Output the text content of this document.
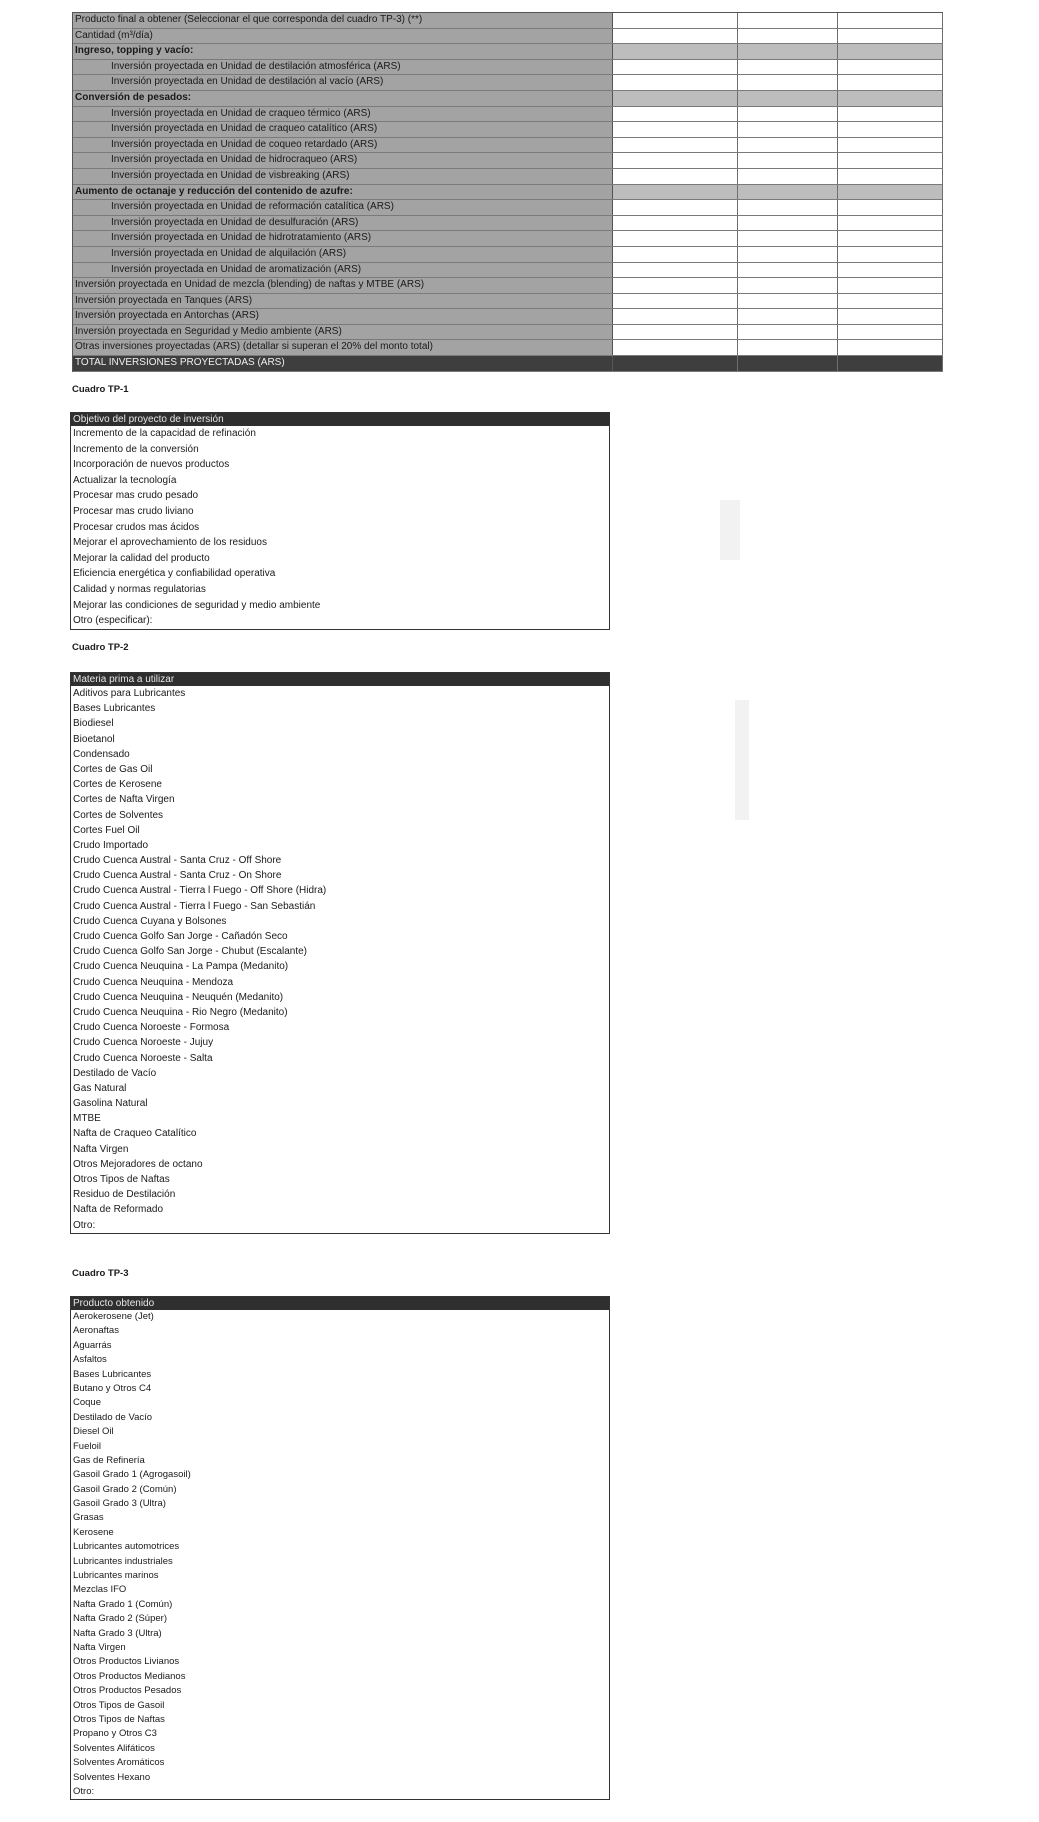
Producto final a obtener (Seleccionar el que corresponda del cuadro TP-3) (**)
Cantidad (m³/día)
Ingreso, topping y vacío:
Inversión proyectada en Unidad de destilación atmosférica (ARS)
Inversión proyectada en Unidad de destilación al vacío (ARS)
Conversión de pesados:
Inversión proyectada en Unidad de craqueo térmico (ARS)
Inversión proyectada en Unidad de craqueo catalítico (ARS)
Inversión proyectada en Unidad de coqueo retardado (ARS)
Inversión proyectada en Unidad de hidrocraqueo (ARS)
Inversión proyectada en Unidad de visbreaking (ARS)
Aumento de octanaje y reducción del contenido de azufre:
Inversión proyectada en Unidad de reformación catalítica (ARS)
Inversión proyectada en Unidad de desulfuración (ARS)
Inversión proyectada en Unidad de hidrotratamiento (ARS)
Inversión proyectada en Unidad de alquilación (ARS)
Inversión proyectada en Unidad de aromatización (ARS)
Inversión proyectada en Unidad de mezcla (blending) de naftas y MTBE (ARS)
Inversión proyectada en Tanques (ARS)
Inversión proyectada en Antorchas (ARS)
Inversión proyectada en Seguridad y Medio ambiente (ARS)
Otras inversiones proyectadas (ARS) (detallar si superan el 20% del monto total)
TOTAL INVERSIONES PROYECTADAS (ARS)
Cuadro TP-1
Objetivo del proyecto de inversión
Incremento de la capacidad de refinación
Incremento de la conversión
Incorporación de nuevos productos
Actualizar la tecnología
Procesar mas crudo pesado
Procesar mas crudo liviano
Procesar crudos mas ácidos
Mejorar el aprovechamiento de los residuos
Mejorar la calidad del producto
Eficiencia energética y confiabilidad operativa
Calidad y normas regulatorias
Mejorar las condiciones de seguridad y medio ambiente
Otro (especificar):
Cuadro TP-2
Materia prima a utilizar
Aditivos para Lubricantes
Bases Lubricantes
Biodiesel
Bioetanol
Condensado
Cortes de Gas Oil
Cortes de Kerosene
Cortes de Nafta Virgen
Cortes de Solventes
Cortes Fuel Oil
Crudo Importado
Crudo Cuenca Austral - Santa Cruz - Off Shore
Crudo Cuenca Austral - Santa Cruz - On Shore
Crudo Cuenca Austral - Tierra l Fuego - Off Shore (Hidra)
Crudo Cuenca Austral - Tierra l Fuego - San Sebastián
Crudo Cuenca Cuyana y Bolsones
Crudo Cuenca Golfo San Jorge - Cañadón Seco
Crudo Cuenca Golfo San Jorge - Chubut (Escalante)
Crudo Cuenca Neuquina - La Pampa (Medanito)
Crudo Cuenca Neuquina - Mendoza
Crudo Cuenca Neuquina - Neuquén (Medanito)
Crudo Cuenca Neuquina - Rio Negro (Medanito)
Crudo Cuenca Noroeste - Formosa
Crudo Cuenca Noroeste - Jujuy
Crudo Cuenca Noroeste - Salta
Destilado de Vacío
Gas Natural
Gasolina Natural
MTBE
Nafta de Craqueo Catalítico
Nafta Virgen
Otros Mejoradores de octano
Otros Tipos de Naftas
Residuo de Destilación
Nafta de Reformado
Otro:
Cuadro TP-3
Producto obtenido
Aerokerosene (Jet)
Aeronaftas
Aguarrás
Asfaltos
Bases Lubricantes
Butano y Otros C4
Coque
Destilado de Vacío
Diesel Oil
Fueloil
Gas de Refinería
Gasoil Grado 1 (Agrogasoil)
Gasoil Grado 2 (Común)
Gasoil Grado 3 (Ultra)
Grasas
Kerosene
Lubricantes automotrices
Lubricantes industriales
Lubricantes marinos
Mezclas IFO
Nafta Grado 1 (Común)
Nafta Grado 2 (Súper)
Nafta Grado 3 (Ultra)
Nafta Virgen
Otros Productos Livianos
Otros Productos Medianos
Otros Productos Pesados
Otros Tipos de Gasoil
Otros Tipos de Naftas
Propano y Otros C3
Solventes Alifáticos
Solventes Aromáticos
Solventes Hexano
Otro:
